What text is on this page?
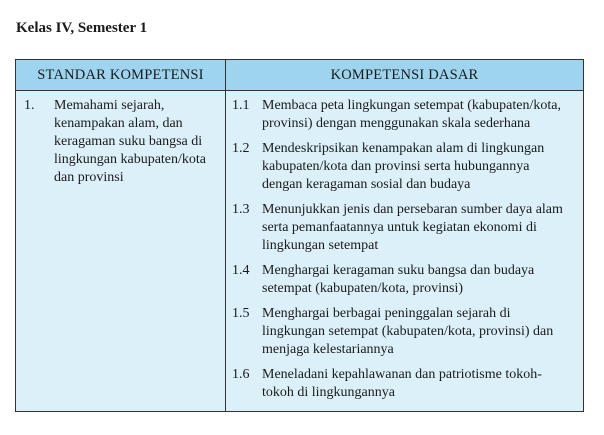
Kelas IV, Semester 1
STANDAR KOMPETENSI	KOMPETENSI DASAR
1.	Memahami sejarah,
kenampakan alam, dan
keragaman suku bangsa di
lingkungan kabupaten/kota
dan provinsi
1.1 Membaca peta lingkungan setempat (kabupaten/kota,
provinsi) dengan menggunakan skala sederhana
1.2 Mendeskripsikan kenampakan alam di lingkungan
kabupaten/kota dan provinsi serta hubungannya
dengan keragaman sosial dan budaya
1.3 Menunjukkan jenis dan persebaran sumber daya alam
serta pemanfaatannya untuk kegiatan ekonomi di
lingkungan setempat
1.4 Menghargai keragaman suku bangsa dan budaya
setempat (kabupaten/kota, provinsi)
1.5 Menghargai berbagai peninggalan sejarah di
lingkungan setempat (kabupaten/kota, provinsi) dan
menjaga kelestariannya
1.6 Meneladani kepahlawanan dan patriotisme tokoh-
tokoh di lingkungannya
